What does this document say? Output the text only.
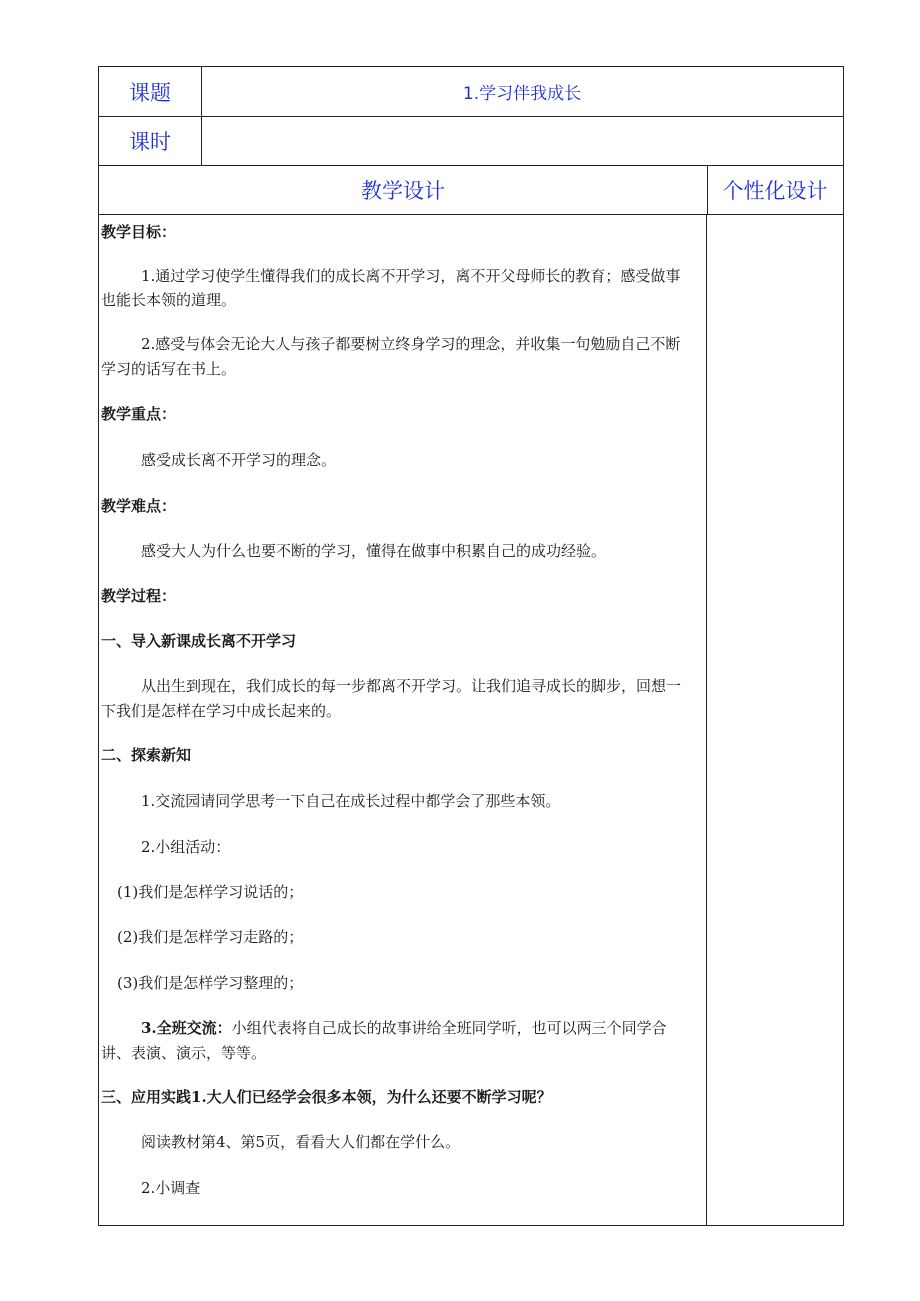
课题	1.学习伴我成长
课时
教学设计	个性化设计
教学目标：
1.通过学习使学生懂得我们的成长离不开学习，离不开父母师长的教育；感受做事
也能长本领的道理。
2.感受与体会无论大人与孩子都要树立终身学习的理念，并收集一句勉励自己不断
学习的话写在书上。
教学重点：
感受成长离不开学习的理念。
教学难点：
感受大人为什么也要不断的学习，懂得在做事中积累自己的成功经验。
教学过程：
一、导入新课成长离不开学习
从出生到现在，我们成长的每一步都离不开学习。让我们追寻成长的脚步，回想一
下我们是怎样在学习中成长起来的。
二、探索新知
1.交流园请同学思考一下自己在成长过程中都学会了那些本领。
2.小组活动：
(1)我们是怎样学习说话的；
(2)我们是怎样学习走路的；
(3)我们是怎样学习整理的；
3.全班交流：小组代表将自己成长的故事讲给全班同学听，也可以两三个同学合
讲、表演、演示，等等。
三、应用实践1.大人们已经学会很多本领，为什么还要不断学习呢？
阅读教材第4、第5页，看看大人们都在学什么。
2.小调查
